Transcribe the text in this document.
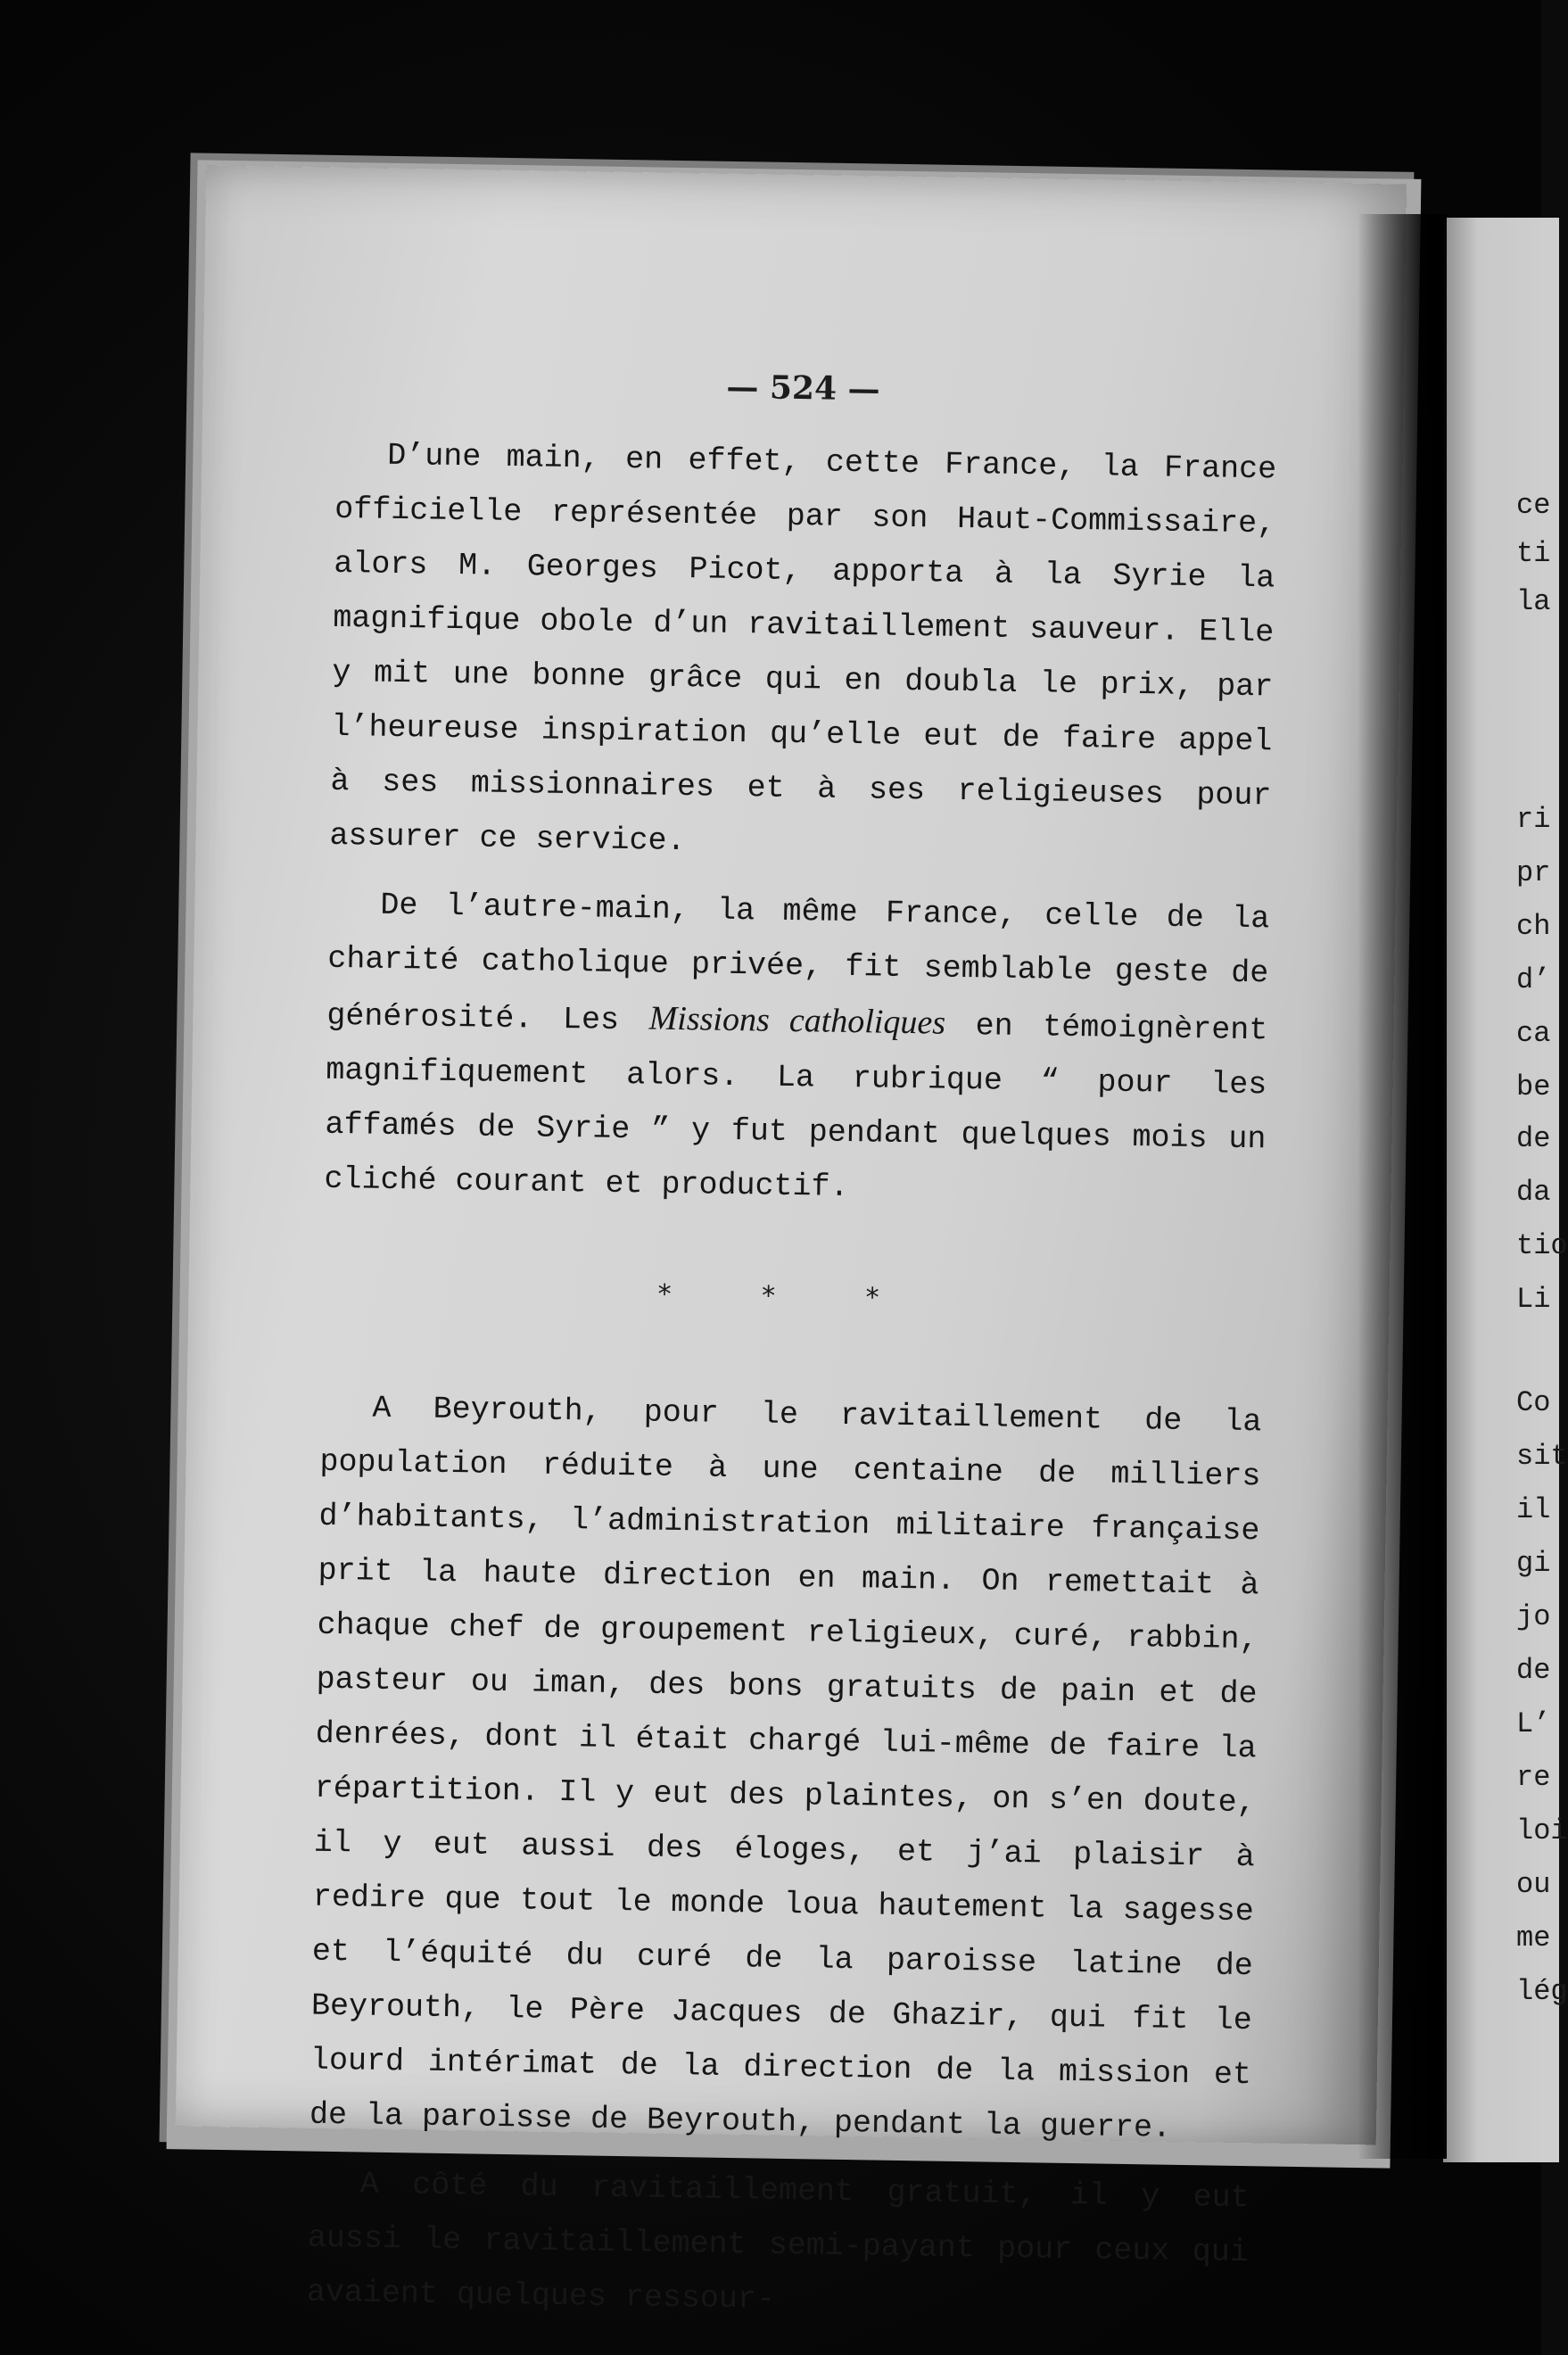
ce
ti
la
ri
pr
ch
d’
ca
be
de
da
tio
Li
Co
sit
il
gi
jo
de
L’
re
loi
ou
me
lég
— 524 —

D’une main, en effet, cette France, la France officielle représentée par son Haut-Commissaire, alors M. Georges Picot, apporta à la Syrie la magnifique obole d’un ravitaillement sauveur. Elle y mit une bonne grâce qui en doubla le prix, par l’heureuse inspiration qu’elle eut de faire appel à ses missionnaires et à ses religieuses pour assurer ce service.

De l’autre-main, la même France, celle de la charité catholique privée, fit semblable geste de générosité. Les Missions catholiques en témoignèrent magnifiquement alors. La rubrique “ pour les affamés de Syrie ” y fut pendant quelques mois un cliché courant et productif.

* * *

A Beyrouth, pour le ravitaillement de la population réduite à une centaine de milliers d’habitants, l’administration militaire française prit la haute direction en main. On remettait à chaque chef de groupement religieux, curé, rabbin, pasteur ou iman, des bons gratuits de pain et de denrées, dont il était chargé lui-même de faire la répartition. Il y eut des plaintes, on s’en doute, il y eut aussi des éloges, et j’ai plaisir à redire que tout le monde loua hautement la sagesse et l’équité du curé de la paroisse latine de Beyrouth, le Père Jacques de Ghazir, qui fit le lourd intérimat de la direction de la mission et de la paroisse de Beyrouth, pendant la guerre.

A côté du ravitaillement gratuit, il y eut aussi le ravitaillement semi-payant pour ceux qui avaient quelques ressour-
